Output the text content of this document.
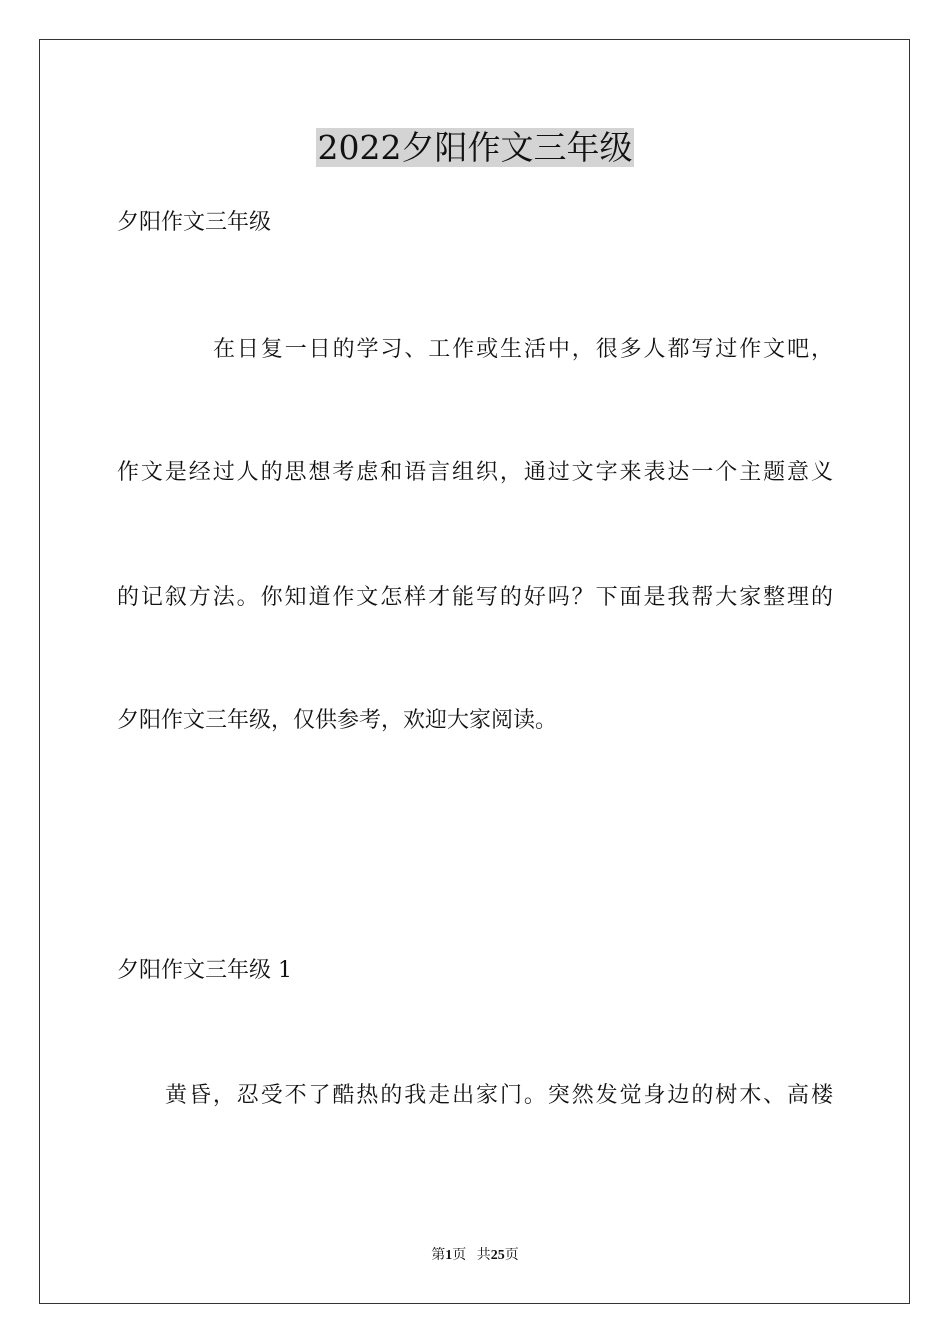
2022夕阳作文三年级
夕阳作文三年级
在日复一日的学习、工作或生活中，很多人都写过作文吧，
作文是经过人的思想考虑和语言组织，通过文字来表达一个主题意义
的记叙方法。你知道作文怎样才能写的好吗？下面是我帮大家整理的
夕阳作文三年级，仅供参考，欢迎大家阅读。
夕阳作文三年级 1
黄昏，忍受不了酷热的我走出家门。突然发觉身边的树木、高楼
第1页 共25页
